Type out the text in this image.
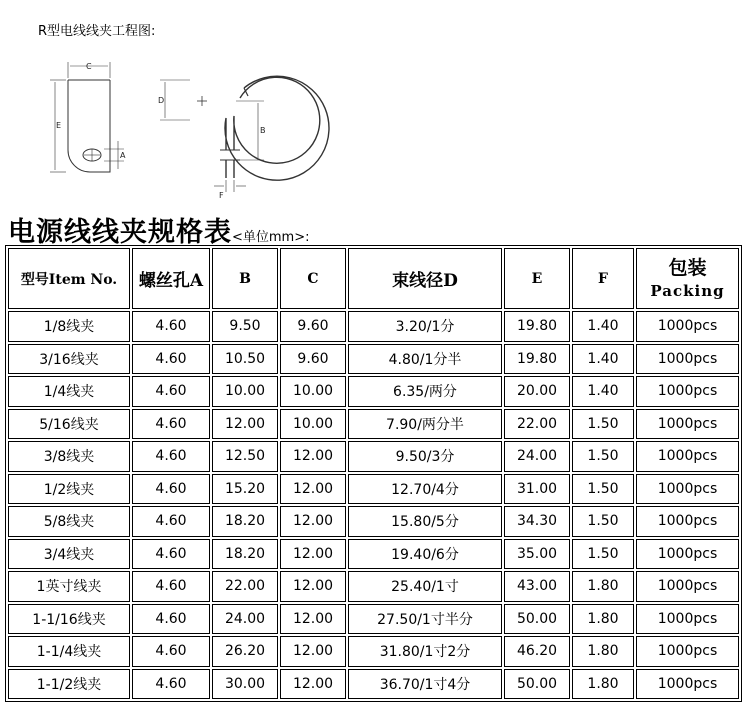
R型电线线夹工程图:
C
E
A
D
B
F
电源线线夹规格表<单位mm>:
型号Item No.	螺丝孔A	B	C	束线径D	E	F	包装
Packing

1/8线夹	4.60	9.50	9.60	3.20/1分	19.80	1.40	1000pcs
3/16线夹	4.60	10.50	9.60	4.80/1分半	19.80	1.40	1000pcs
1/4线夹	4.60	10.00	10.00	6.35/两分	20.00	1.40	1000pcs
5/16线夹	4.60	12.00	10.00	7.90/两分半	22.00	1.50	1000pcs
3/8线夹	4.60	12.50	12.00	9.50/3分	24.00	1.50	1000pcs
1/2线夹	4.60	15.20	12.00	12.70/4分	31.00	1.50	1000pcs
5/8线夹	4.60	18.20	12.00	15.80/5分	34.30	1.50	1000pcs
3/4线夹	4.60	18.20	12.00	19.40/6分	35.00	1.50	1000pcs
1英寸线夹	4.60	22.00	12.00	25.40/1寸	43.00	1.80	1000pcs
1-1/16线夹	4.60	24.00	12.00	27.50/1寸半分	50.00	1.80	1000pcs
1-1/4线夹	4.60	26.20	12.00	31.80/1寸2分	46.20	1.80	1000pcs
1-1/2线夹	4.60	30.00	12.00	36.70/1寸4分	50.00	1.80	1000pcs
